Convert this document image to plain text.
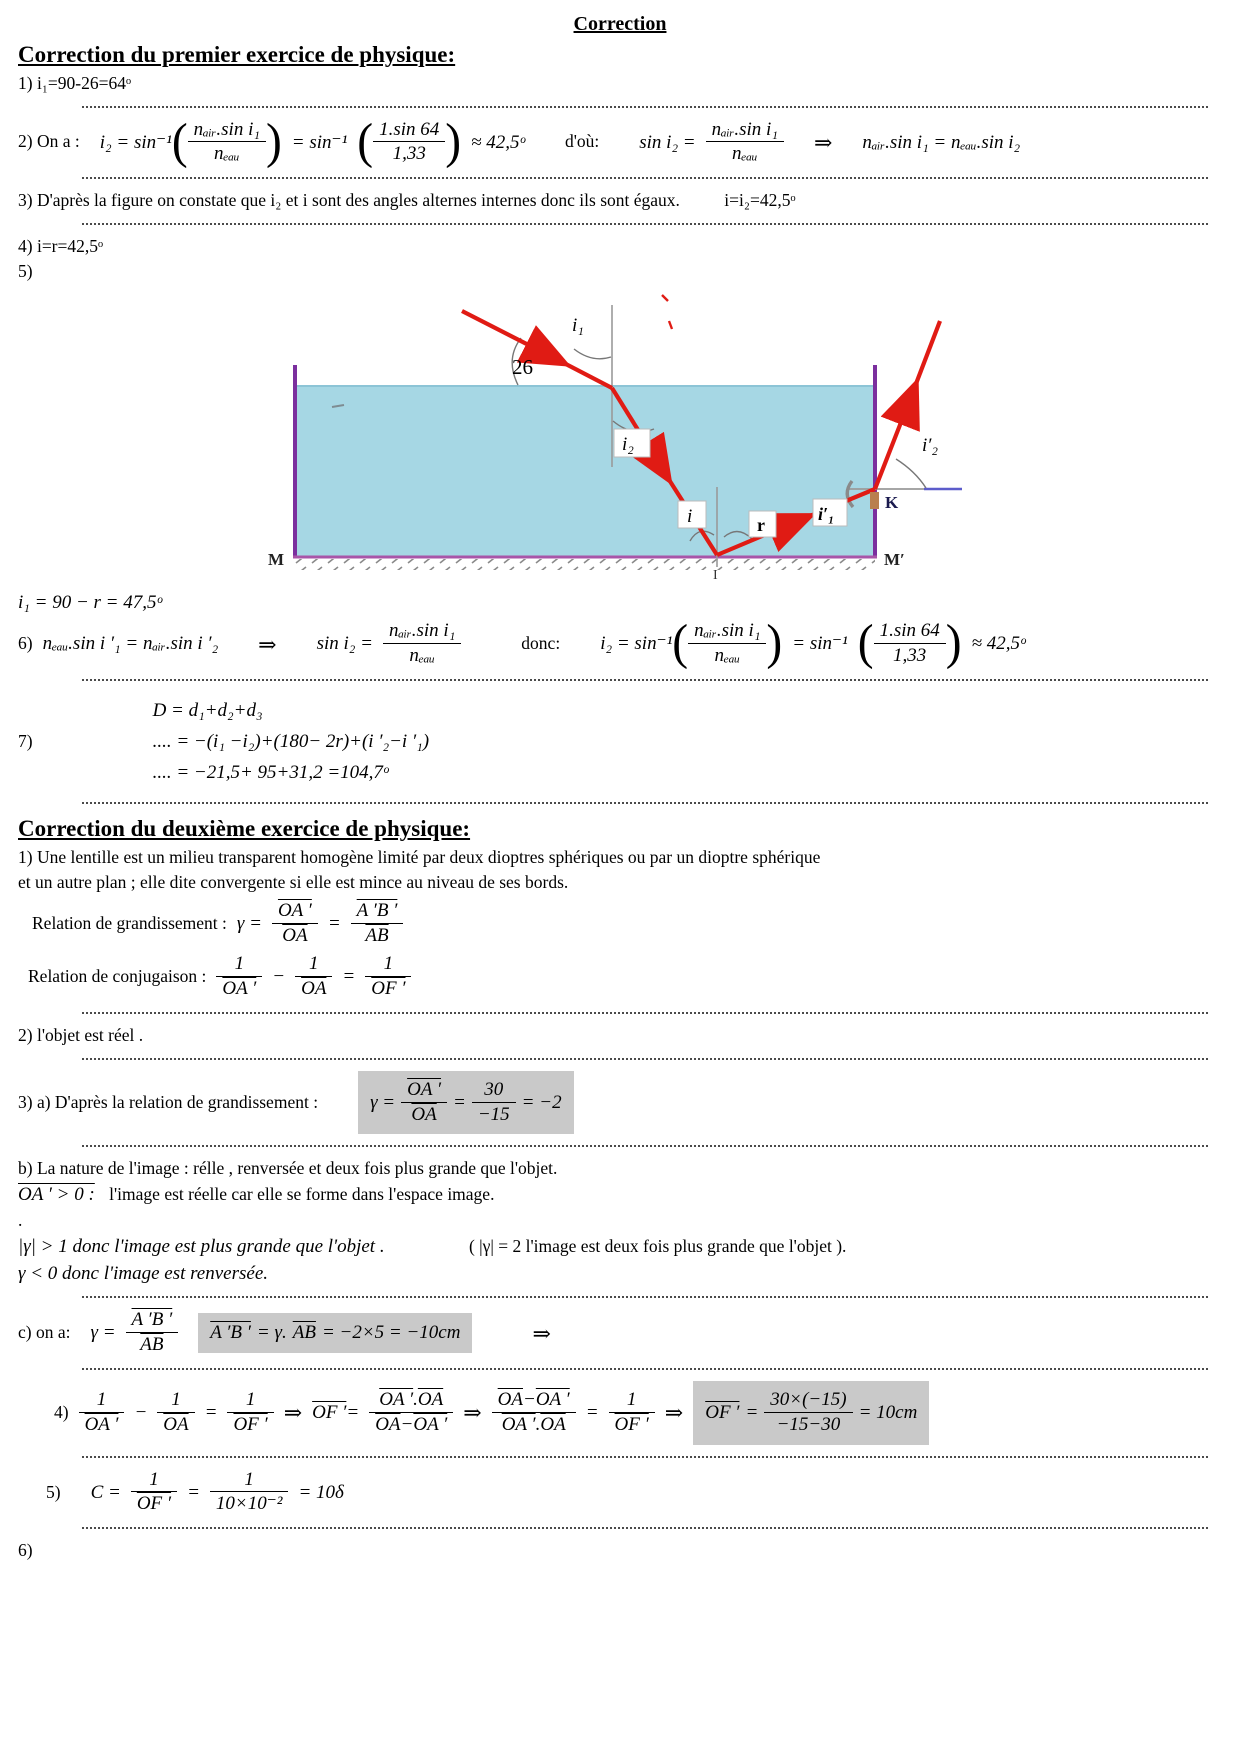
Correction
Correction du premier exercice de physique:
1) i₁=90-26=64ᵒ
2) On a : i₂ = sin⁻¹ ( nₐᵢᵣ.sin i₁
nₑₐᵤ ) = sin⁻¹ ( 1.sin 64
1,33 ) ≈ 42,5ᵒ d'où: sin i₂ =
nₐᵢᵣ.sin i₁
nₑₐᵤ	⇒ nₐᵢᵣ.sin i₁ = nₑₐᵤ.sin i₂
3) D'après la figure on constate que i₂ et i sont des angles alternes internes donc ils sont égaux.	i=i₂=42,5ᵒ
4) i=r=42,5ᵒ
5)
i₁
26
i₂
i	r
i′₁
K
i′₂
M	M′
I
i₁ = 90 − r = 47,5ᵒ
6) nₑₐᵤ.sin i ′₁ = nₐᵢᵣ.sin i ′₂ ⇒ sin i₂ =
nₐᵢᵣ.sin i₁
nₑₐᵤ
donc: i₂ = sin⁻¹ ( nₐᵢᵣ.sin i₁
nₑₐᵤ ) = sin⁻¹ ( 1.sin 64
1,33 ) ≈ 42,5ᵒ
7)
D = d₁+d₂+d₃
.... = −(i₁ −i₂)+(180− 2r)+(i ′₂−i ′₁)
.... = −21,5+ 95+31,2 =104,7ᵒ
Correction du deuxième exercice de physique:
1) Une lentille est un milieu transparent homogène limité par deux dioptres sphériques ou par un dioptre sphérique
et un autre plan ; elle dite convergente si elle est mince au niveau de ses bords.
Relation de grandissement : $\gamma = \frac{OA '}{OA} = \frac{A 'B '}{AB}$
Relation de conjugaison :
1
OA ′
− $\frac{1}{OA} = \frac{1}{OF '}$
2) l'objet est réel .
3) a) D'après la relation de grandissement :	$\gamma = \frac{OA '}{OA} = \frac{30}{-15} = -2$
b) La nature de l'image : rélle , renversée et deux fois plus grande que l'objet.
OA ′ > 0 : l'image est réelle car elle se forme dans l'espace image.
.
|γ| > 1 donc l'image est plus grande que l'objet .	( |γ| = 2 l'image est deux fois plus grande que l'objet ).
γ < 0 donc l'image est renversée.
c) on a: $\gamma = \frac{A 'B '}{AB}$ A ′B ′ = γ. $\overline{AB} = -2\times 5 = -10cm$	⇒
4)
1
OA ′
− $\frac{1}{OA} = \frac{1}{OF '}$ ⇒ OF ′ = $\frac{OA '.\overline{OA}}{\overline{OA}-OA '}$ ⇒ $\frac{\overline{OA}-OA '}{OA '.\overline{OA}} = \frac{1}{OF '}$ ⇒ OF ′ = $\frac{30\times(-15)}{-15-30} = 10cm$
5) $C = \frac{1}{OF '} = \frac{1}{\text{10×10⁻²}} = 10\delta$
6)
